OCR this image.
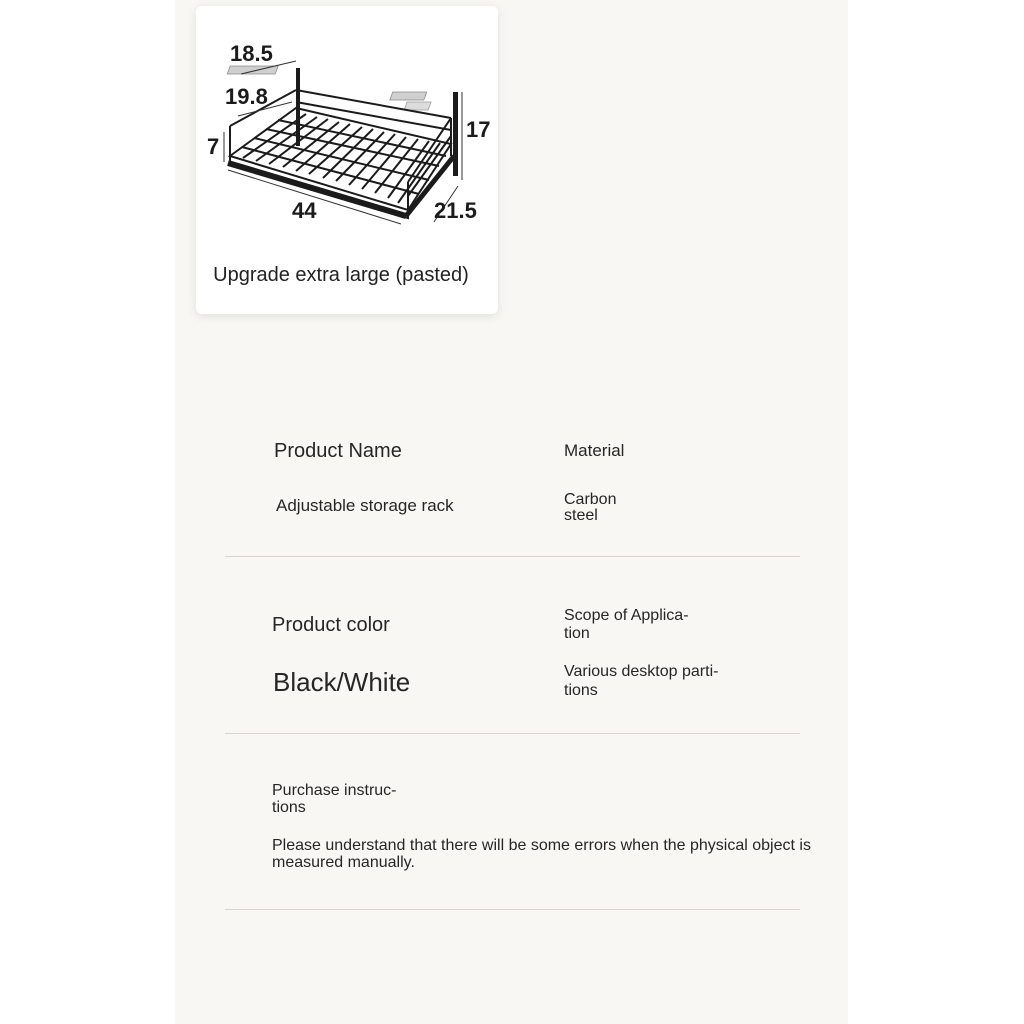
18.5
19.8
7
17
44	21.5
Upgrade extra large (pasted)

Product Name

Adjustable storage rack

Material

Carbon

steel

Product color

Black/White

Scope of Applica-

tion

Various desktop parti-

tions

Purchase instruc-

tions

Please understand that there will be some errors when the physical object is

measured manually.
